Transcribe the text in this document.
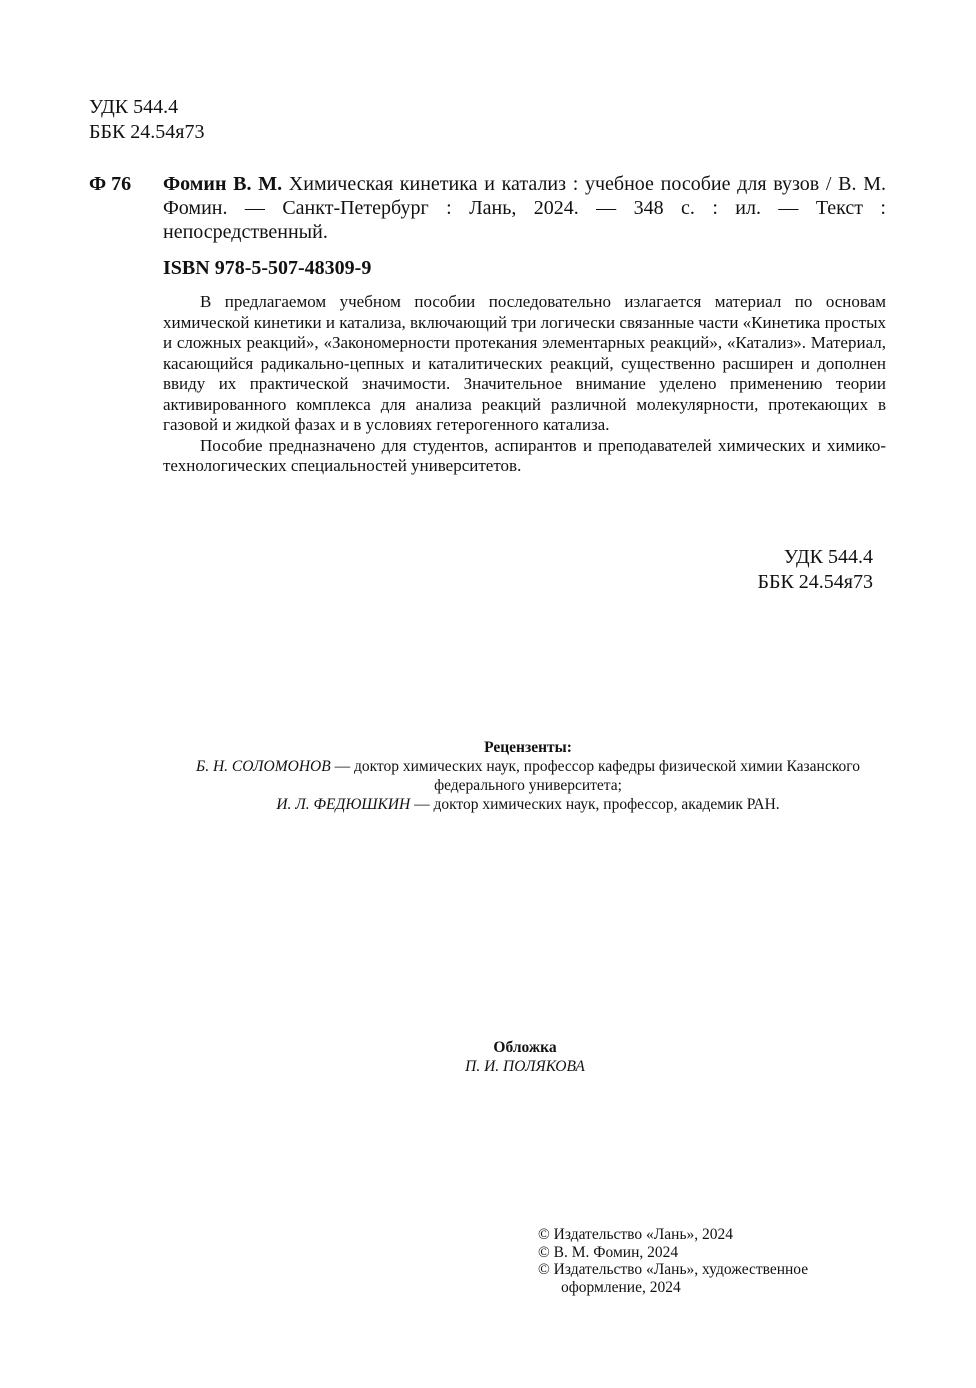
УДК 544.4
ББК 24.54я73
Ф 76 Фомин В. М. Химическая кинетика и катализ : учебное пособие для вузов / В. М. Фомин. — Санкт-Петербург : Лань, 2024. — 348 с. : ил. — Текст : непосредственный.
ISBN 978-5-507-48309-9

В предлагаемом учебном пособии последовательно излагается материал по основам химической кинетики и катализа, включающий три логически связанные части «Кинетика простых и сложных реакций», «Закономерности протекания элементарных реакций», «Катализ». Материал, касающийся радикально-цепных и каталитических реакций, существенно расширен и дополнен ввиду их практической значимости. Значительное внимание уделено применению теории активированного комплекса для анализа реакций различной молекулярности, протекающих в газовой и жидкой фазах и в условиях гетерогенного катализа.

Пособие предназначено для студентов, аспирантов и преподавателей химических и химико-технологических специальностей университетов.

УДК 544.4
ББК 24.54я73
Рецензенты:
Б. Н. СОЛОМОНОВ — доктор химических наук, профессор кафедры физической химии Казанского
федерального университета;
И. Л. ФЕДЮШКИН — доктор химических наук, профессор, академик РАН.
Обложка
П. И. ПОЛЯКОВА
© Издательство «Лань», 2024
© В. М. Фомин, 2024
© Издательство «Лань», художественное
оформление, 2024
